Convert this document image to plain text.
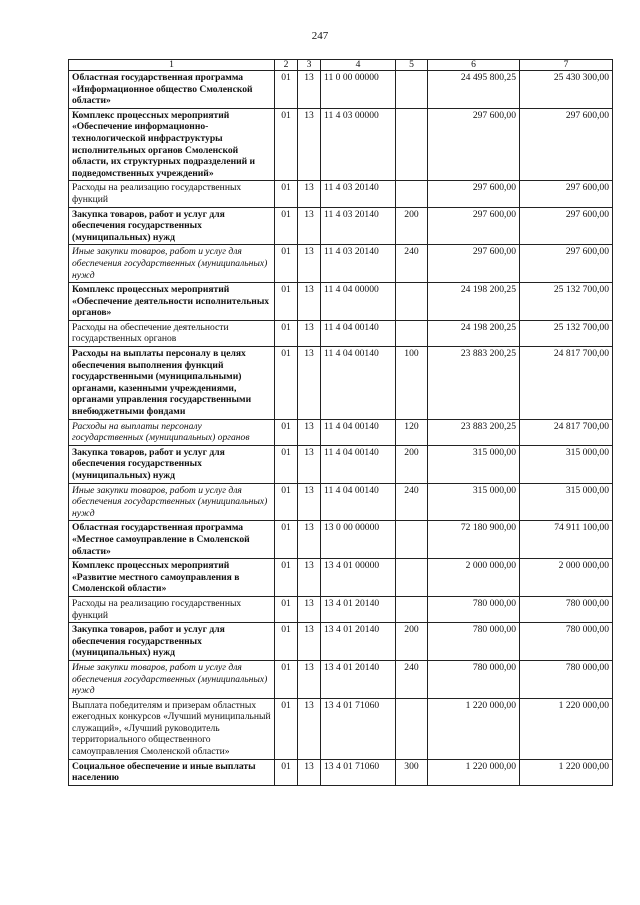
247
1	2	3	4	5	6	7
Областная государственная программа «Информационное общество Смоленской области»	01	13	11 0 00 00000		24 495 800,25	25 430 300,00
Комплекс процессных мероприятий «Обеспечение информационно-технологической инфраструктуры исполнительных органов Смоленской области, их структурных подразделений и подведомственных учреждений»	01	13	11 4 03 00000		297 600,00	297 600,00
Расходы на реализацию государственных функций	01	13	11 4 03 20140		297 600,00	297 600,00
Закупка товаров, работ и услуг для обеспечения государственных (муниципальных) нужд	01	13	11 4 03 20140	200	297 600,00	297 600,00
Иные закупки товаров, работ и услуг для обеспечения государственных (муниципальных) нужд	01	13	11 4 03 20140	240	297 600,00	297 600,00
Комплекс процессных мероприятий «Обеспечение деятельности исполнительных органов»	01	13	11 4 04 00000		24 198 200,25	25 132 700,00
Расходы на обеспечение деятельности государственных органов	01	13	11 4 04 00140		24 198 200,25	25 132 700,00
Расходы на выплаты персоналу в целях обеспечения выполнения функций государственными (муниципальными) органами, казенными учреждениями, органами управления государственными внебюджетными фондами	01	13	11 4 04 00140	100	23 883 200,25	24 817 700,00
Расходы на выплаты персоналу государственных (муниципальных) органов	01	13	11 4 04 00140	120	23 883 200,25	24 817 700,00
Закупка товаров, работ и услуг для обеспечения государственных (муниципальных) нужд	01	13	11 4 04 00140	200	315 000,00	315 000,00
Иные закупки товаров, работ и услуг для обеспечения государственных (муниципальных) нужд	01	13	11 4 04 00140	240	315 000,00	315 000,00
Областная государственная программа «Местное самоуправление в Смоленской области»	01	13	13 0 00 00000		72 180 900,00	74 911 100,00
Комплекс процессных мероприятий «Развитие местного самоуправления в Смоленской области»	01	13	13 4 01 00000		2 000 000,00	2 000 000,00
Расходы на реализацию государственных функций	01	13	13 4 01 20140		780 000,00	780 000,00
Закупка товаров, работ и услуг для обеспечения государственных (муниципальных) нужд	01	13	13 4 01 20140	200	780 000,00	780 000,00
Иные закупки товаров, работ и услуг для обеспечения государственных (муниципальных) нужд	01	13	13 4 01 20140	240	780 000,00	780 000,00
Выплата победителям и призерам областных ежегодных конкурсов «Лучший муниципальный служащий», «Лучший руководитель территориального общественного самоуправления Смоленской области»	01	13	13 4 01 71060		1 220 000,00	1 220 000,00
Социальное обеспечение и иные выплаты населению	01	13	13 4 01 71060	300	1 220 000,00	1 220 000,00
